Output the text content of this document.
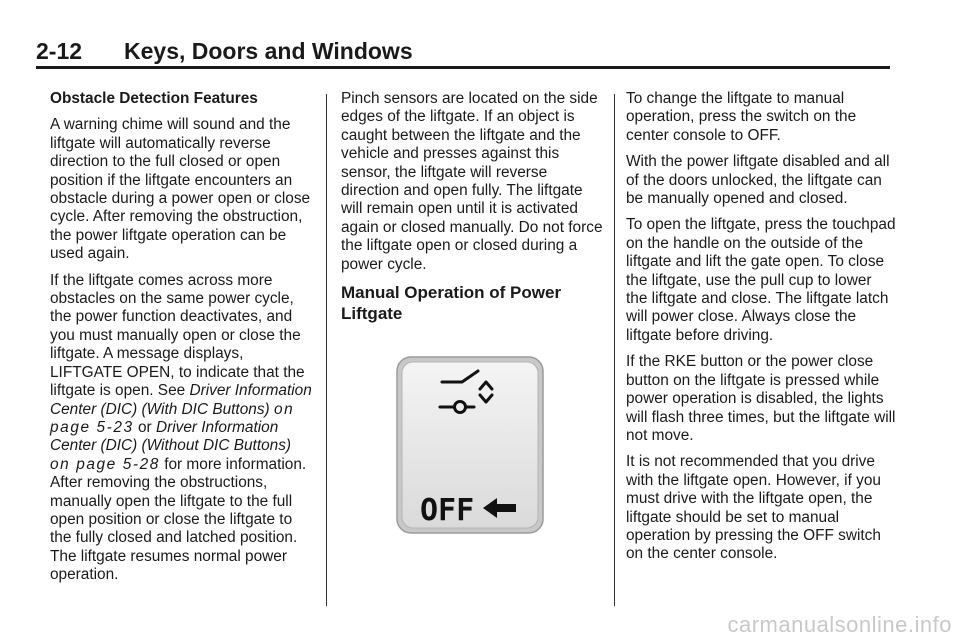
2-12 Keys, Doors and Windows

Obstacle Detection Features

A warning chime will sound and the liftgate will automatically reverse direction to the full closed or open position if the liftgate encounters an obstacle during a power open or close cycle. After removing the obstruction, the power liftgate operation can be used again.

If the liftgate comes across more obstacles on the same power cycle, the power function deactivates, and you must manually open or close the liftgate. A message displays, LIFTGATE OPEN, to indicate that the liftgate is open. See Driver Information Center (DIC) (With DIC Buttons) on page 5-23 or Driver Information Center (DIC) (Without DIC Buttons) on page 5-28 for more information. After removing the obstructions, manually open the liftgate to the full open position or close the liftgate to the fully closed and latched position. The liftgate resumes normal power operation.

Pinch sensors are located on the side edges of the liftgate. If an object is caught between the liftgate and the vehicle and presses against this sensor, the liftgate will reverse direction and open fully. The liftgate will remain open until it is activated again or closed manually. Do not force the liftgate open or closed during a power cycle.

Manual Operation of Power Liftgate

OFF

To change the liftgate to manual operation, press the switch on the center console to OFF.

With the power liftgate disabled and all of the doors unlocked, the liftgate can be manually opened and closed.

To open the liftgate, press the touchpad on the handle on the outside of the liftgate and lift the gate open. To close the liftgate, use the pull cup to lower the liftgate and close. The liftgate latch will power close. Always close the liftgate before driving.

If the RKE button or the power close button on the liftgate is pressed while power operation is disabled, the lights will flash three times, but the liftgate will not move.

It is not recommended that you drive with the liftgate open. However, if you must drive with the liftgate open, the liftgate should be set to manual operation by pressing the OFF switch on the center console.

carmanualsonline.info
